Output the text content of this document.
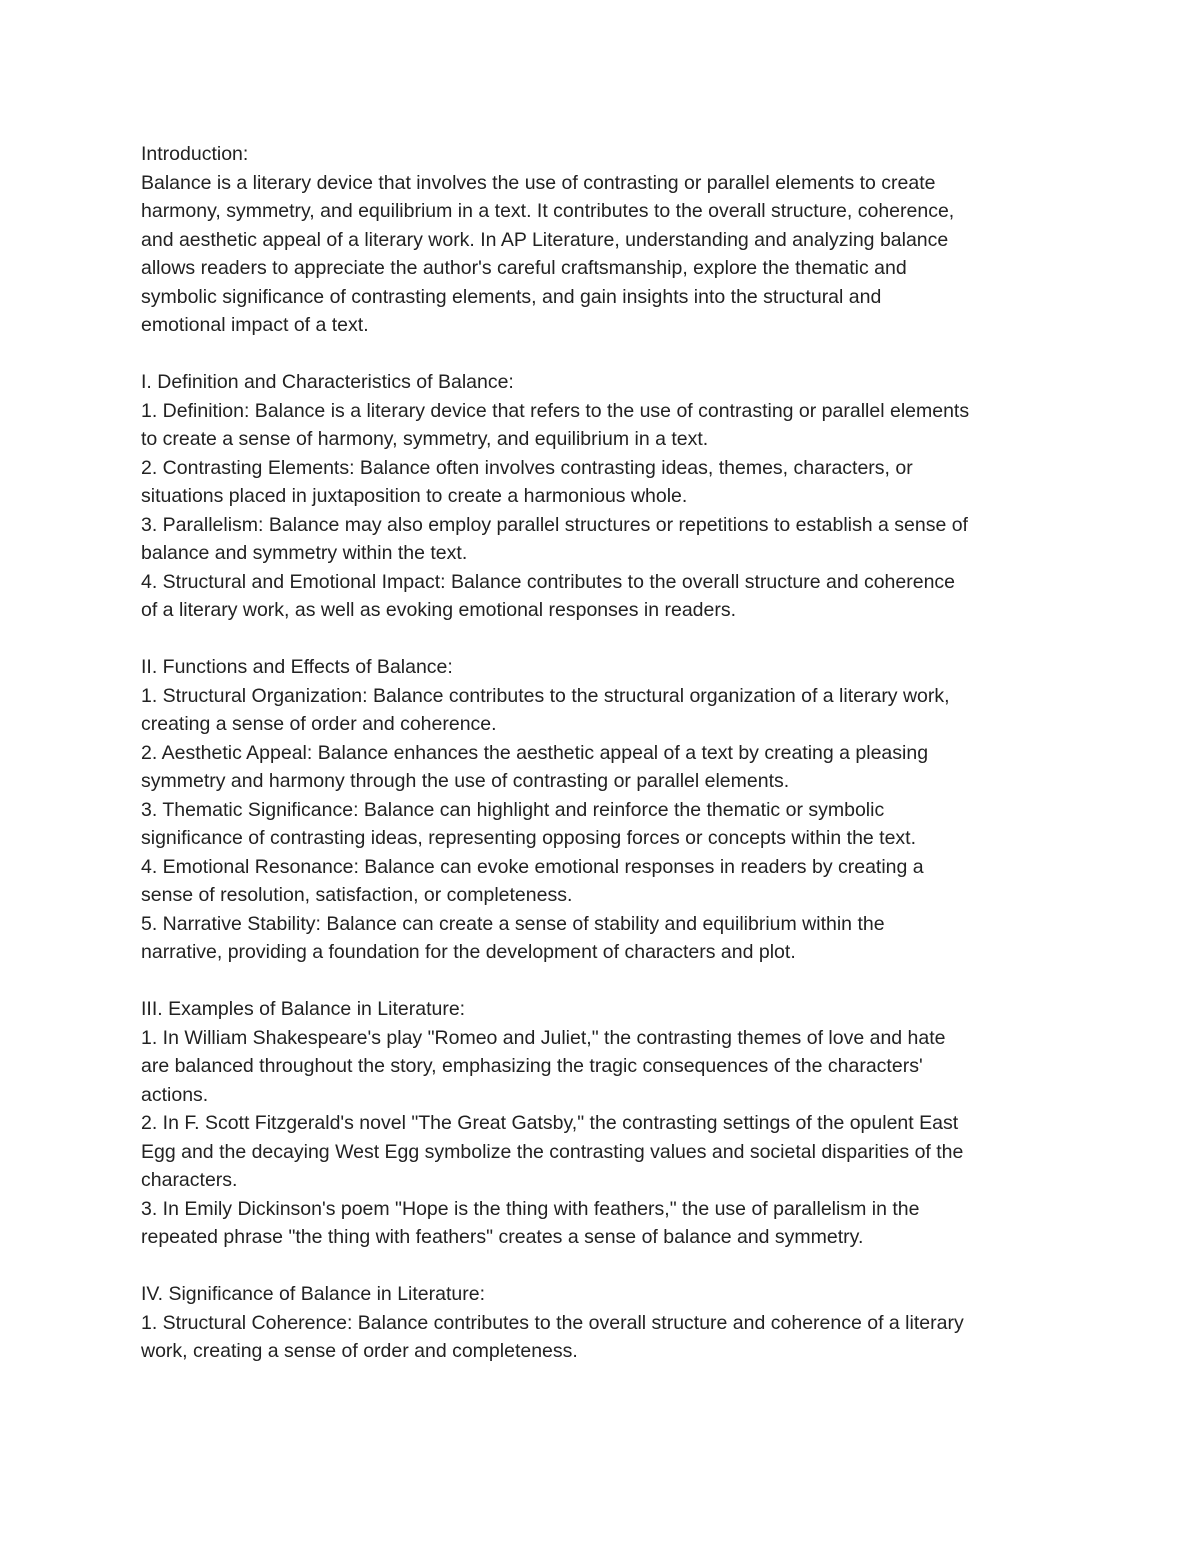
Introduction:
Balance is a literary device that involves the use of contrasting or parallel elements to create
harmony, symmetry, and equilibrium in a text. It contributes to the overall structure, coherence,
and aesthetic appeal of a literary work. In AP Literature, understanding and analyzing balance
allows readers to appreciate the author's careful craftsmanship, explore the thematic and
symbolic significance of contrasting elements, and gain insights into the structural and
emotional impact of a text.
I. Definition and Characteristics of Balance:
1. Definition: Balance is a literary device that refers to the use of contrasting or parallel elements
to create a sense of harmony, symmetry, and equilibrium in a text.
2. Contrasting Elements: Balance often involves contrasting ideas, themes, characters, or
situations placed in juxtaposition to create a harmonious whole.
3. Parallelism: Balance may also employ parallel structures or repetitions to establish a sense of
balance and symmetry within the text.
4. Structural and Emotional Impact: Balance contributes to the overall structure and coherence
of a literary work, as well as evoking emotional responses in readers.
II. Functions and Effects of Balance:
1. Structural Organization: Balance contributes to the structural organization of a literary work,
creating a sense of order and coherence.
2. Aesthetic Appeal: Balance enhances the aesthetic appeal of a text by creating a pleasing
symmetry and harmony through the use of contrasting or parallel elements.
3. Thematic Significance: Balance can highlight and reinforce the thematic or symbolic
significance of contrasting ideas, representing opposing forces or concepts within the text.
4. Emotional Resonance: Balance can evoke emotional responses in readers by creating a
sense of resolution, satisfaction, or completeness.
5. Narrative Stability: Balance can create a sense of stability and equilibrium within the
narrative, providing a foundation for the development of characters and plot.
III. Examples of Balance in Literature:
1. In William Shakespeare's play "Romeo and Juliet," the contrasting themes of love and hate
are balanced throughout the story, emphasizing the tragic consequences of the characters'
actions.
2. In F. Scott Fitzgerald's novel "The Great Gatsby," the contrasting settings of the opulent East
Egg and the decaying West Egg symbolize the contrasting values and societal disparities of the
characters.
3. In Emily Dickinson's poem "Hope is the thing with feathers," the use of parallelism in the
repeated phrase "the thing with feathers" creates a sense of balance and symmetry.
IV. Significance of Balance in Literature:
1. Structural Coherence: Balance contributes to the overall structure and coherence of a literary
work, creating a sense of order and completeness.
